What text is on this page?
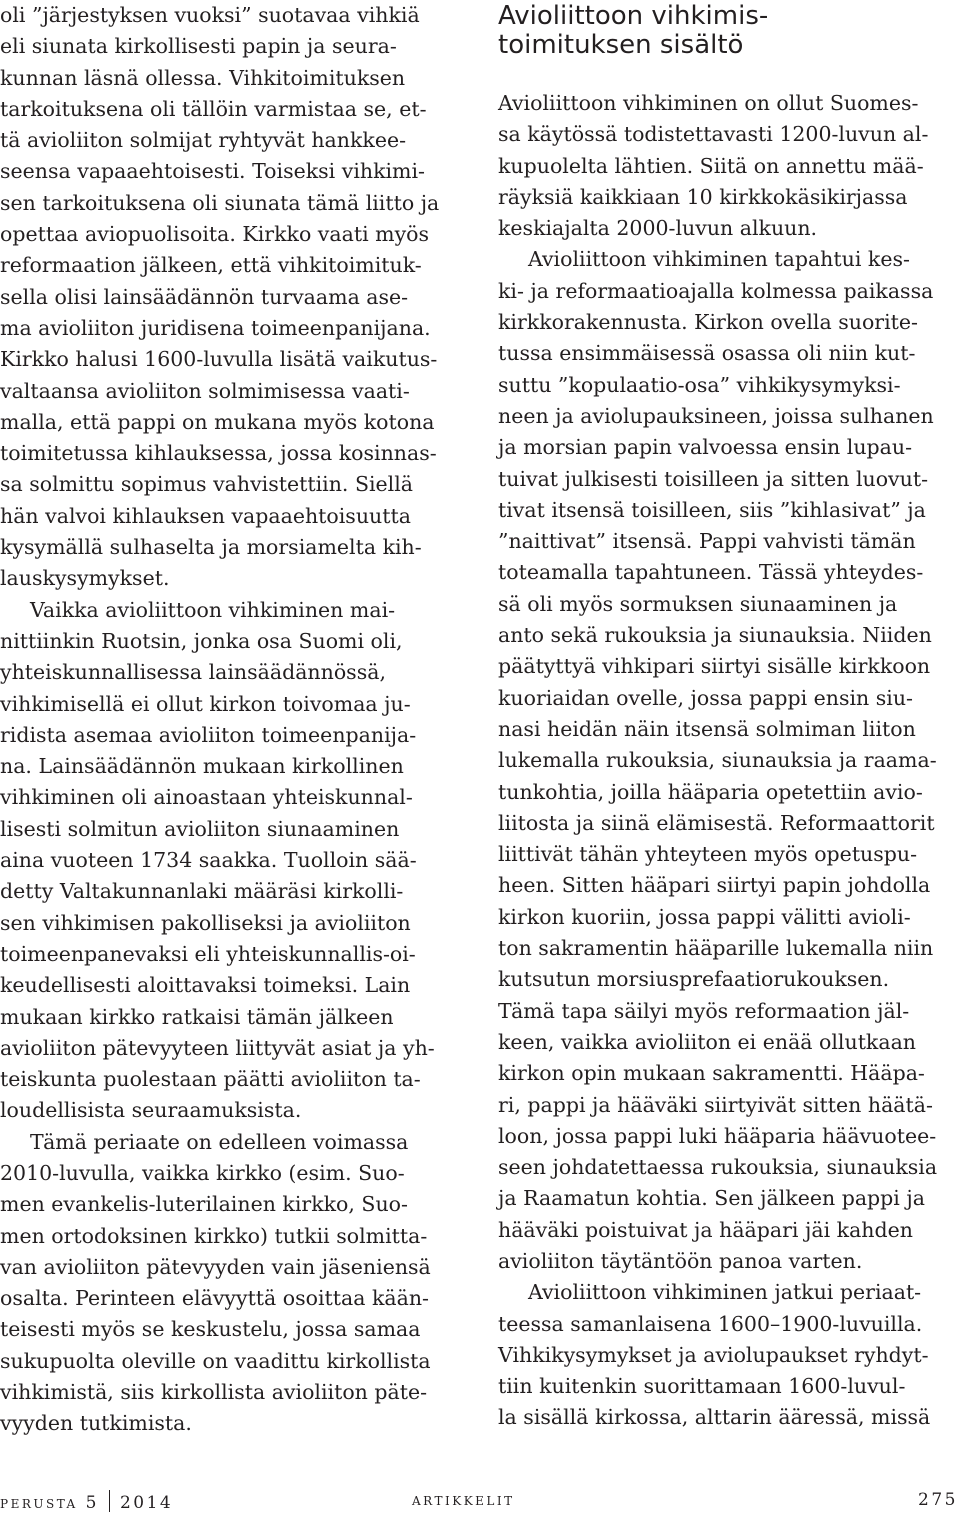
oli ”järjestyksen vuoksi” suotavaa vihkiä
eli siunata kirkollisesti papin ja seura-
kunnan läsnä ollessa. Vihkitoimituksen
tarkoituksena oli tällöin varmistaa se, et-
tä avioliiton solmijat ryhtyvät hankkee-
seensa vapaaehtoisesti. Toiseksi vihkimi-
sen tarkoituksena oli siunata tämä liitto ja
opettaa aviopuolisoita. Kirkko vaati myös
reformaation jälkeen, että vihkitoimituk-
sella olisi lainsäädännön turvaama ase-
ma avioliiton juridisena toimeenpanijana.
Kirkko halusi 1600-luvulla lisätä vaikutus-
valtaansa avioliiton solmimisessa vaati-
malla, että pappi on mukana myös kotona
toimitetussa kihlauksessa, jossa kosinnas-
sa solmittu sopimus vahvistettiin. Siellä
hän valvoi kihlauksen vapaaehtoisuutta
kysymällä sulhaselta ja morsiamelta kih-
lauskysymykset.

Vaikka avioliittoon vihkiminen mai-
nittiinkin Ruotsin, jonka osa Suomi oli,
yhteiskunnallisessa lainsäädännössä,
vihkimisellä ei ollut kirkon toivomaa ju-
ridista asemaa avioliiton toimeenpanija-
na. Lainsäädännön mukaan kirkollinen
vihkiminen oli ainoastaan yhteiskunnal-
lisesti solmitun avioliiton siunaaminen
aina vuoteen 1734 saakka. Tuolloin sää-
detty Valtakunnanlaki määräsi kirkolli-
sen vihkimisen pakolliseksi ja avioliiton
toimeenpanevaksi eli yhteiskunnallis-oi-
keudellisesti aloittavaksi toimeksi. Lain
mukaan kirkko ratkaisi tämän jälkeen
avioliiton pätevyyteen liittyvät asiat ja yh-
teiskunta puolestaan päätti avioliiton ta-
loudellisista seuraamuksista.

Tämä periaate on edelleen voimassa
2010-luvulla, vaikka kirkko (esim. Suo-
men evankelis-luterilainen kirkko, Suo-
men ortodoksinen kirkko) tutkii solmitta-
van avioliiton pätevyyden vain jäseniensä
osalta. Perinteen elävyyttä osoittaa kään-
teisesti myös se keskustelu, jossa samaa
sukupuolta oleville on vaadittu kirkollista
vihkimistä, siis kirkollista avioliiton päte-
vyyden tutkimista.

Avioliittoon vihkimis-
toimituksen sisältö

Avioliittoon vihkiminen on ollut Suomes-
sa käytössä todistettavasti 1200-luvun al-
kupuolelta lähtien. Siitä on annettu mää-
räyksiä kaikkiaan 10 kirkkokäsikirjassa
keskiajalta 2000-luvun alkuun.

Avioliittoon vihkiminen tapahtui kes-
ki- ja reformaatioajalla kolmessa paikassa
kirkkorakennusta. Kirkon ovella suorite-
tussa ensimmäisessä osassa oli niin kut-
suttu ”kopulaatio-osa” vihkikysymyksi-
neen ja aviolupauksineen, joissa sulhanen
ja morsian papin valvoessa ensin lupau-
tuivat julkisesti toisilleen ja sitten luovut-
tivat itsensä toisilleen, siis ”kihlasivat” ja
”naittivat” itsensä. Pappi vahvisti tämän
toteamalla tapahtuneen. Tässä yhteydes-
sä oli myös sormuksen siunaaminen ja
anto sekä rukouksia ja siunauksia. Niiden
päätyttyä vihkipari siirtyi sisälle kirkkoon
kuoriaidan ovelle, jossa pappi ensin siu-
nasi heidän näin itsensä solmiman liiton
lukemalla rukouksia, siunauksia ja raama-
tunkohtia, joilla hääparia opetettiin avio-
liitosta ja siinä elämisestä. Reformaattorit
liittivät tähän yhteyteen myös opetuspu-
heen. Sitten hääpari siirtyi papin johdolla
kirkon kuoriin, jossa pappi välitti avioli-
ton sakramentin hääparille lukemalla niin
kutsutun morsiusprefaatiorukouksen.
Tämä tapa säilyi myös reformaation jäl-
keen, vaikka avioliiton ei enää ollutkaan
kirkon opin mukaan sakramentti. Hääpa-
ri, pappi ja hääväki siirtyivät sitten häätä-
loon, jossa pappi luki hääparia häävuotee-
seen johdatettaessa rukouksia, siunauksia
ja Raamatun kohtia. Sen jälkeen pappi ja
hääväki poistuivat ja hääpari jäi kahden
avioliiton täytäntöön panoa varten.

Avioliittoon vihkiminen jatkui periaat-
teessa samanlaisena 1600–1900-luvuilla.
Vihkikysymykset ja aviolupaukset ryhdyt-
tiin kuitenkin suorittamaan 1600-luvul-
la sisällä kirkossa, alttarin ääressä, missä

perusta 5 2014	artikkelit	275
